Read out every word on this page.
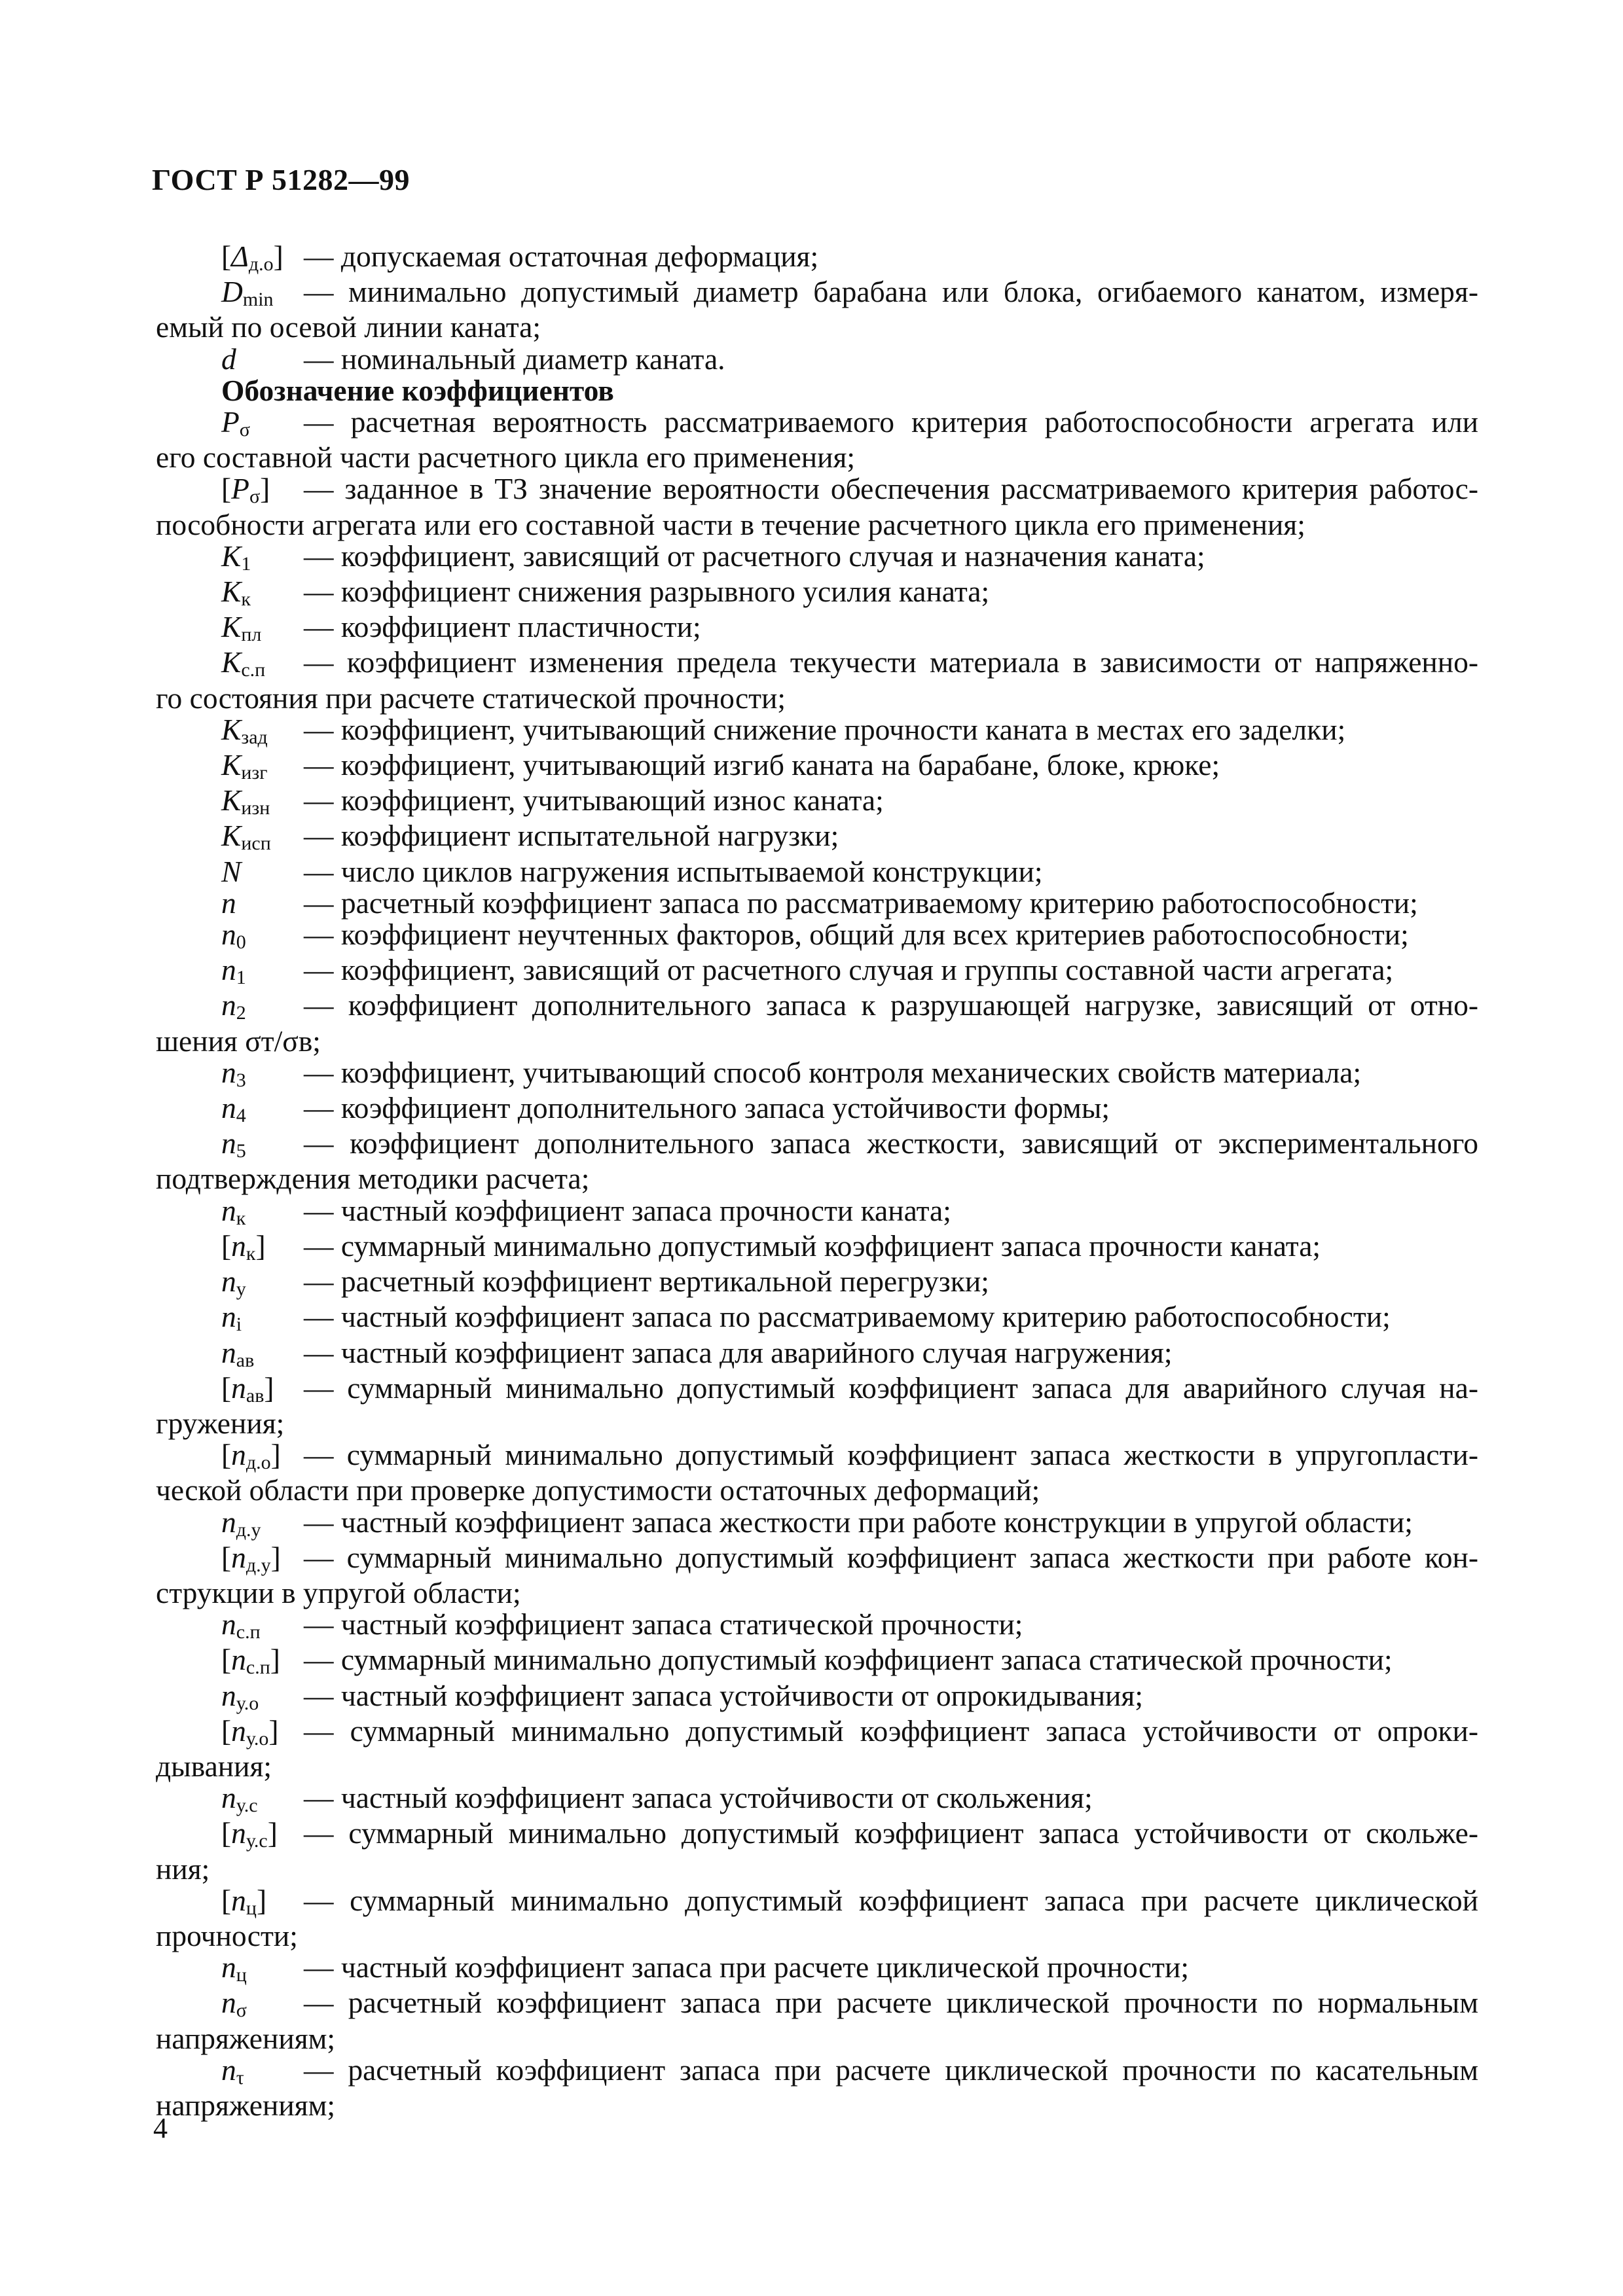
ГОСТ Р 51282—99
$[\Delta_{д.о}]$ — допускаемая остаточная деформация;
$D_{min}$	— минимально допустимый диаметр барабана или блока, огибаемого канатом, измеря-
емый по осевой линии каната;
d	— номинальный диаметр каната.
Обозначение коэффициентов
$P_\sigma$	— расчетная вероятность рассматриваемого критерия работоспособности агрегата или
его составной части расчетного цикла его применения;
$[P_\sigma]$	— заданное в ТЗ значение вероятности обеспечения рассматриваемого критерия работос-
пособности агрегата или его составной части в течение расчетного цикла его применения;
$K_1$	— коэффициент, зависящий от расчетного случая и назначения каната;
$K_к$	— коэффициент снижения разрывного усилия каната;
$K_{пл}$	— коэффициент пластичности;
$K_{с.п}$	— коэффициент изменения предела текучести материала в зависимости от напряженно-
го состояния при расчете статической прочности;
$K_{зад}$	— коэффициент, учитывающий снижение прочности каната в местах его заделки;
$K_{изг}$	— коэффициент, учитывающий изгиб каната на барабане, блоке, крюке;
$K_{изн}$	— коэффициент, учитывающий износ каната;
$K_{исп}$	— коэффициент испытательной нагрузки;
N	— число циклов нагружения испытываемой конструкции;
n	— расчетный коэффициент запаса по рассматриваемому критерию работоспособности;
$n_0$	— коэффициент неучтенных факторов, общий для всех критериев работоспособности;
$n_1$	— коэффициент, зависящий от расчетного случая и группы составной части агрегата;
$n_2$	— коэффициент дополнительного запаса к разрушающей нагрузке, зависящий от отно-
шения σт/σв;
$n_3$	— коэффициент, учитывающий способ контроля механических свойств материала;
$n_4$	— коэффициент дополнительного запаса устойчивости формы;
$n_5$	— коэффициент дополнительного запаса жесткости, зависящий от экспериментального
подтверждения методики расчета;
$n_к$	— частный коэффициент запаса прочности каната;
$[n_к]$	— суммарный минимально допустимый коэффициент запаса прочности каната;
$n_у$	— расчетный коэффициент вертикальной перегрузки;
$n_i$	— частный коэффициент запаса по рассматриваемому критерию работоспособности;
$n_{ав}$	— частный коэффициент запаса для аварийного случая нагружения;
$[n_{ав}]$ — суммарный минимально допустимый коэффициент запаса для аварийного случая на-
гружения;
$[n_{д.о}]$ — суммарный минимально допустимый коэффициент запаса жесткости в упругопласти-
ческой области при проверке допустимости остаточных деформаций;
$n_{д.у}$	— частный коэффициент запаса жесткости при работе конструкции в упругой области;
$[n_{д.у}]$ — суммарный минимально допустимый коэффициент запаса жесткости при работе кон-
струкции в упругой области;
$n_{с.п}$	— частный коэффициент запаса статической прочности;
$[n_{с.п}]$ — суммарный минимально допустимый коэффициент запаса статической прочности;
$n_{у.о}$	— частный коэффициент запаса устойчивости от опрокидывания;
$[n_{у.о}]$ — суммарный минимально допустимый коэффициент запаса устойчивости от опроки-
дывания;
$n_{у.с}$	— частный коэффициент запаса устойчивости от скольжения;
$[n_{у.с}]$ — суммарный минимально допустимый коэффициент запаса устойчивости от скольже-
ния;
$[n_ц]$	— суммарный минимально допустимый коэффициент запаса при расчете циклической
прочности;
$n_ц$	— частный коэффициент запаса при расчете циклической прочности;
$n_\sigma$	— расчетный коэффициент запаса при расчете циклической прочности по нормальным
напряжениям;
$n_\tau$	— расчетный коэффициент запаса при расчете циклической прочности по касательным
напряжениям;
4
